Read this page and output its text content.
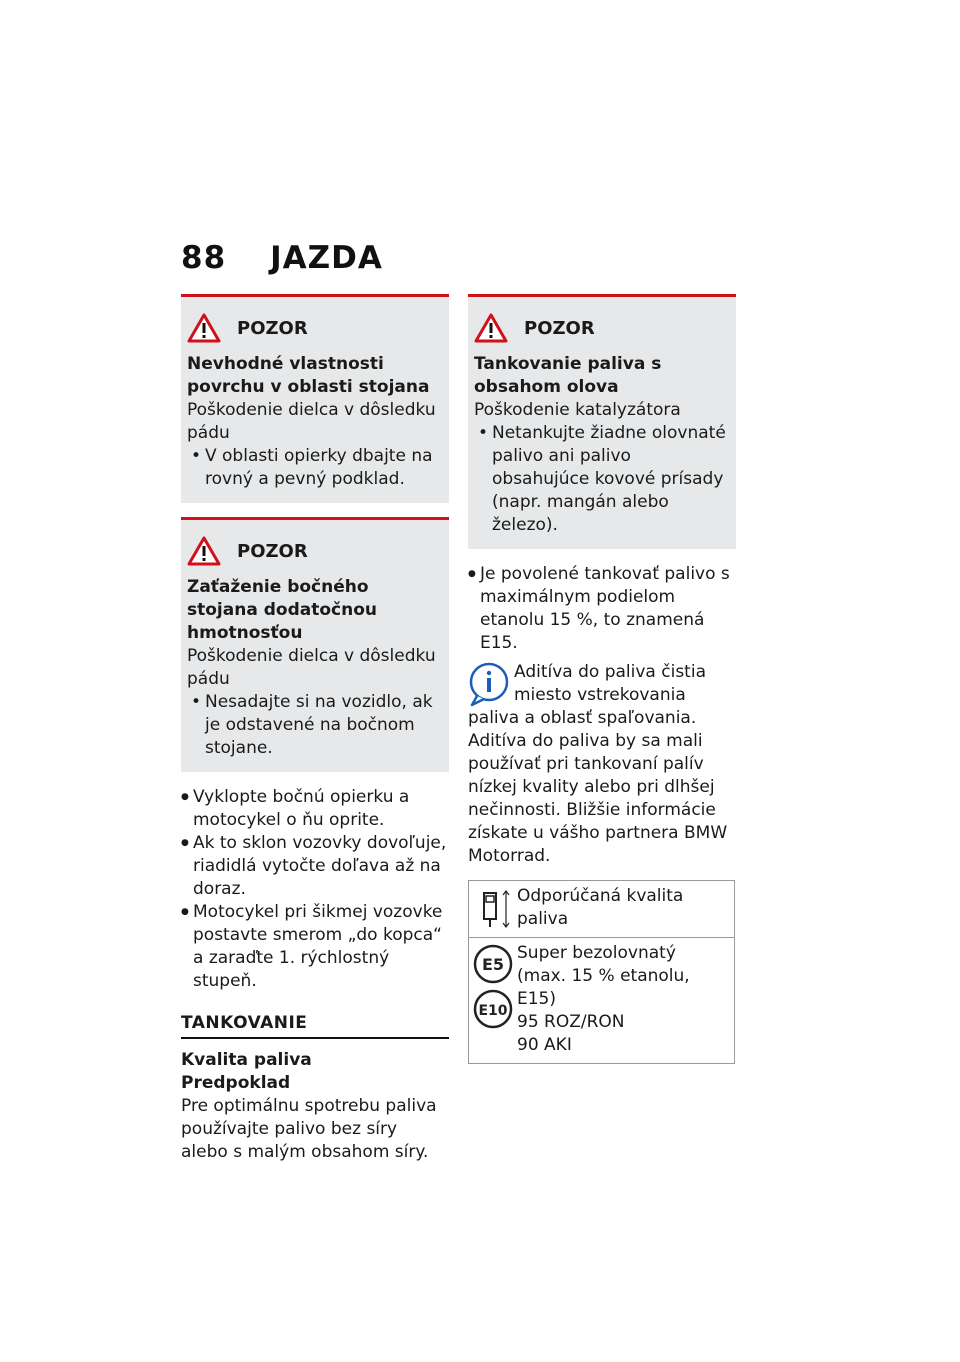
88 JAZDA
POZOR
Nevhodné vlastnosti povrchu v oblasti stojana
Poškodenie dielca v dôsledku pádu
• V oblasti opierky dbajte na rovný a pevný podklad.
POZOR
Zaťaženie bočného stojana dodatočnou hmotnosťou
Poškodenie dielca v dôsledku pádu
• Nesadajte si na vozidlo, ak je odstavené na bočnom stojane.
● Vyklopte bočnú opierku a motocykel o ňu oprite.
● Ak to sklon vozovky dovoľuje, riadidlá vytočte doľava až na doraz.
● Motocykel pri šikmej vozovke postavte smerom „do kopca“ a zaraďte 1. rýchlostný stupeň.
TANKOVANIE
Kvalita paliva
Predpoklad
Pre optimálnu spotrebu paliva používajte palivo bez síry alebo s malým obsahom síry.
POZOR
Tankovanie paliva s obsahom olova
Poškodenie katalyzátora
• Netankujte žiadne olovnaté palivo ani palivo obsahujúce kovové prísady (napr. mangán alebo železo).
● Je povolené tankovať palivo s maximálnym podielom etanolu 15 %, to znamená E15.
Aditíva do paliva čistia miesto vstrekovania paliva a oblasť spaľovania. Aditíva do paliva by sa mali používať pri tankovaní palív nízkej kvality alebo pri dlhšej nečinnosti. Bližšie informácie získate u vášho partnera BMW Motorrad.
Odporúčaná kvalita paliva
E5
E10
Super bezolovnatý (max. 15 % etanolu, E15)
95 ROZ/RON
90 AKI
